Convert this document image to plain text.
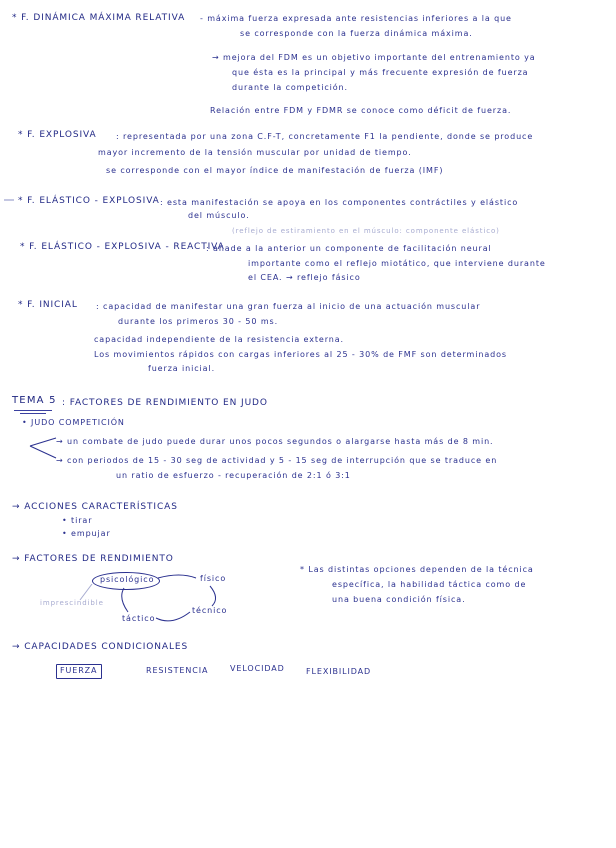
* F. DINÁMICA MÁXIMA RELATIVA - máxima fuerza expresada ante resistencias inferiores a la que
se corresponde con la fuerza dinámica máxima.
→ mejora del FDM es un objetivo importante del entrenamiento ya
que ésta es la principal y más frecuente expresión de fuerza
durante la competición.
Relación entre FDM y FDMR se conoce como déficit de fuerza.
* F. EXPLOSIVA : representada por una zona C.F-T, concretamente F1 la pendiente, donde se produce
mayor incremento de la tensión muscular por unidad de tiempo.
se corresponde con el mayor índice de manifestación de fuerza (IMF)
* F. ELÁSTICO - EXPLOSIVA : esta manifestación se apoya en los componentes contráctiles y elástico
del músculo.
(reflejo de estiramiento en el músculo: componente elástico)
* F. ELÁSTICO - EXPLOSIVA - REACTIVA
: añade a la anterior un componente de facilitación neural
importante como el reflejo miotático, que interviene durante
el CEA. → reflejo fásico
* F. INICIAL : capacidad de manifestar una gran fuerza al inicio de una actuación muscular
durante los primeros 30 - 50 ms.
capacidad independiente de la resistencia externa.
Los movimientos rápidos con cargas inferiores al 25 - 30% de FMF son determinados
fuerza inicial.
TEMA 5 : FACTORES DE RENDIMIENTO EN JUDO
• JUDO COMPETICIÓN
→ un combate de judo puede durar unos pocos segundos o alargarse hasta más de 8 min.
→ con periodos de 15 - 30 seg de actividad y 5 - 15 seg de interrupción que se traduce en
un ratio de esfuerzo - recuperación de 2:1 ó 3:1
→ ACCIONES CARACTERÍSTICAS
• tirar
• empujar
→ FACTORES DE RENDIMIENTO
psicológico	físico
técnico
táctico
imprescindible
* Las distintas opciones dependen de la técnica
específica, la habilidad táctica como de
una buena condición física.
→ CAPACIDADES CONDICIONALES
FUERZA	RESISTENCIA	VELOCIDAD	FLEXIBILIDAD
